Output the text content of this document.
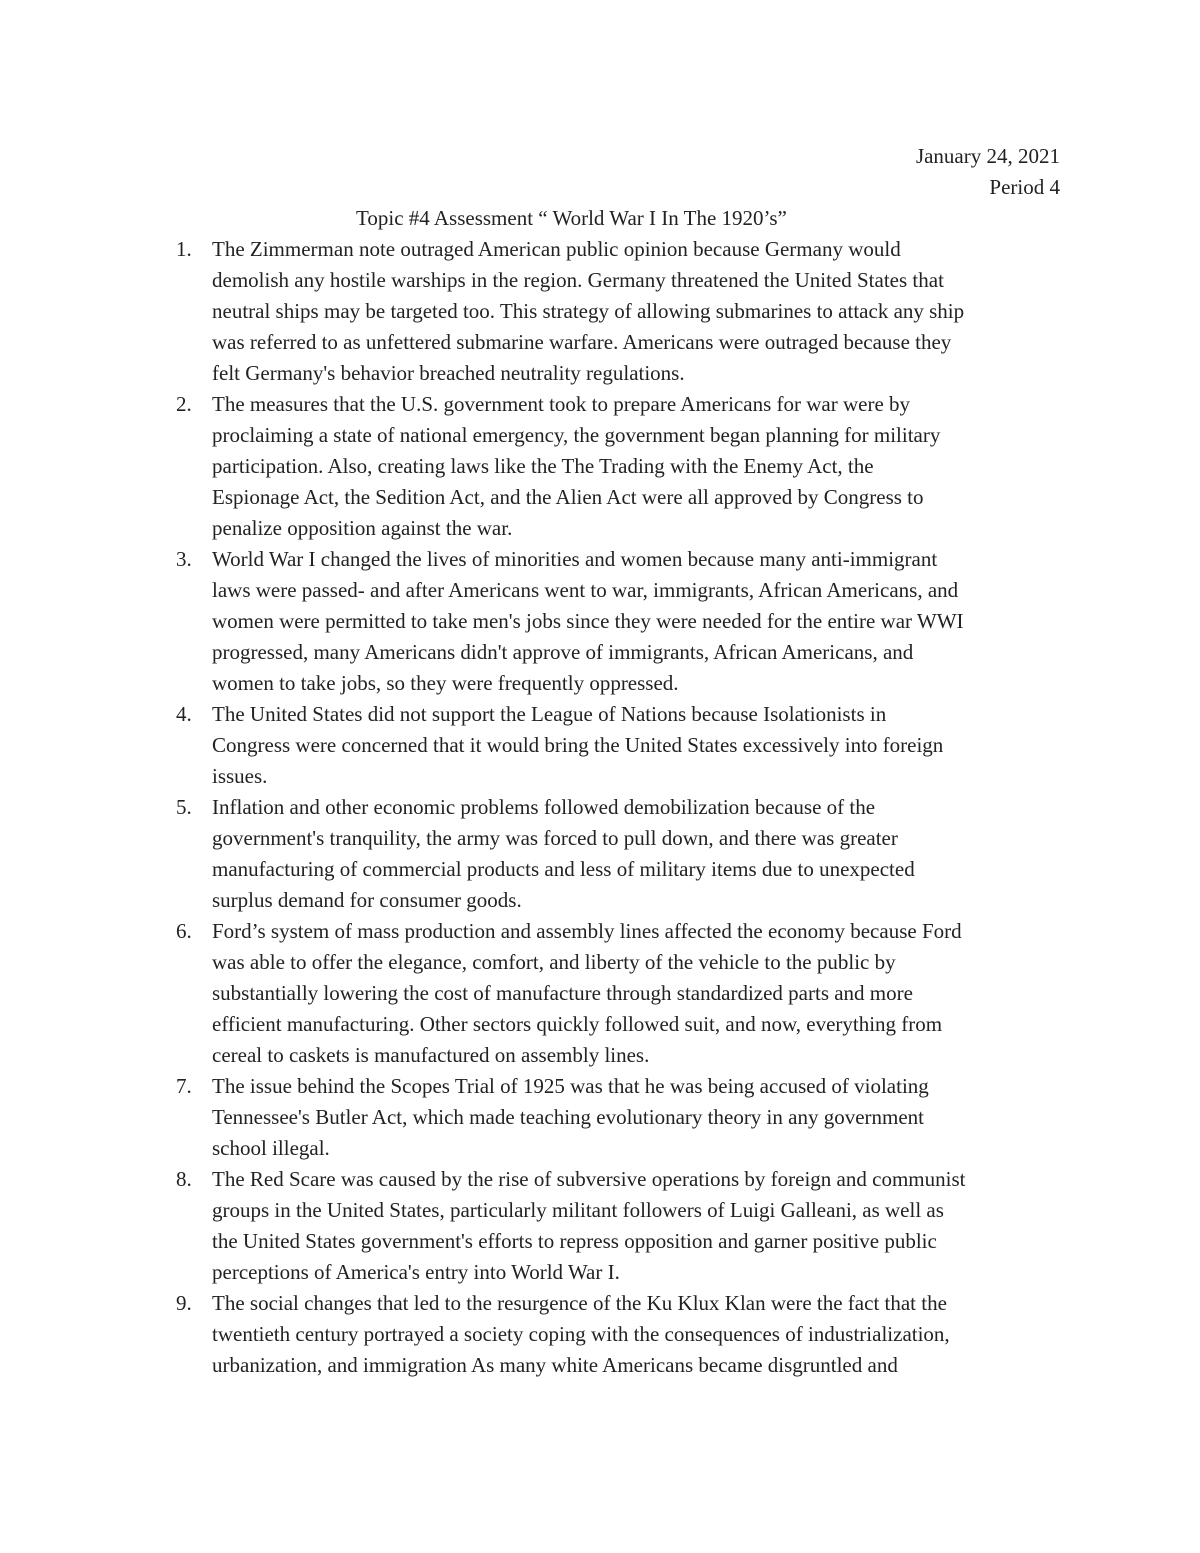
January 24, 2021
Period 4
Topic #4 Assessment “ World War I In The 1920’s”
1. The Zimmerman note outraged American public opinion because Germany would
demolish any hostile warships in the region. Germany threatened the United States that
neutral ships may be targeted too. This strategy of allowing submarines to attack any ship
was referred to as unfettered submarine warfare. Americans were outraged because they
felt Germany's behavior breached neutrality regulations.
2. The measures that the U.S. government took to prepare Americans for war were by
proclaiming a state of national emergency, the government began planning for military
participation. Also, creating laws like the The Trading with the Enemy Act, the
Espionage Act, the Sedition Act, and the Alien Act were all approved by Congress to
penalize opposition against the war.
3. World War I changed the lives of minorities and women because many anti-immigrant
laws were passed- and after Americans went to war, immigrants, African Americans, and
women were permitted to take men's jobs since they were needed for the entire war WWI
progressed, many Americans didn't approve of immigrants, African Americans, and
women to take jobs, so they were frequently oppressed.
4. The United States did not support the League of Nations because Isolationists in
Congress were concerned that it would bring the United States excessively into foreign
issues.
5. Inflation and other economic problems followed demobilization because of the
government's tranquility, the army was forced to pull down, and there was greater
manufacturing of commercial products and less of military items due to unexpected
surplus demand for consumer goods.
6. Ford’s system of mass production and assembly lines affected the economy because Ford
was able to offer the elegance, comfort, and liberty of the vehicle to the public by
substantially lowering the cost of manufacture through standardized parts and more
efficient manufacturing. Other sectors quickly followed suit, and now, everything from
cereal to caskets is manufactured on assembly lines.
7. The issue behind the Scopes Trial of 1925 was that he was being accused of violating
Tennessee's Butler Act, which made teaching evolutionary theory in any government
school illegal.
8. The Red Scare was caused by the rise of subversive operations by foreign and communist
groups in the United States, particularly militant followers of Luigi Galleani, as well as
the United States government's efforts to repress opposition and garner positive public
perceptions of America's entry into World War I.
9. The social changes that led to the resurgence of the Ku Klux Klan were the fact that the
twentieth century portrayed a society coping with the consequences of industrialization,
urbanization, and immigration As many white Americans became disgruntled and
